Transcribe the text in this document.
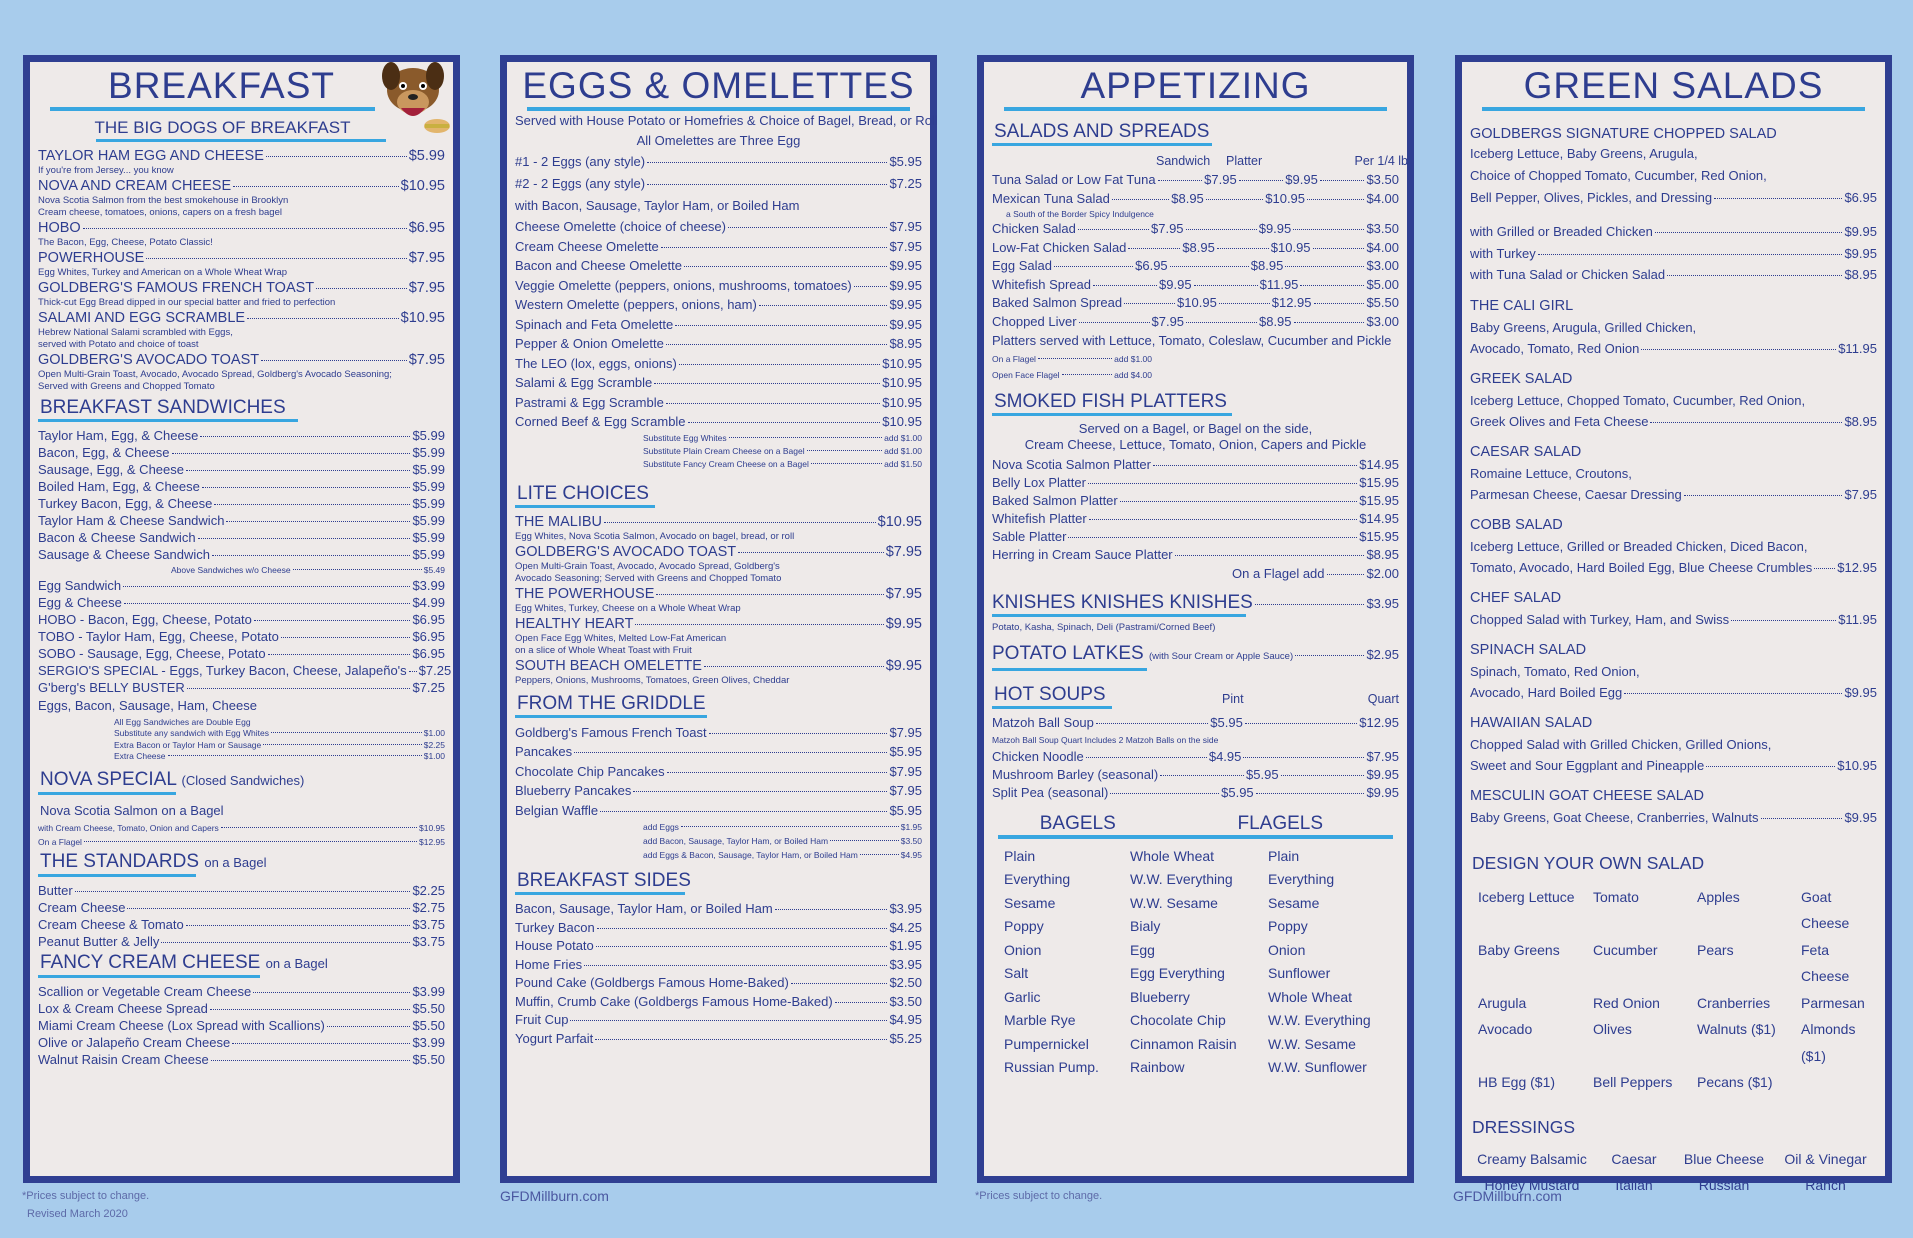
BREAKFAST
THE BIG DOGS OF BREAKFAST
TAYLOR HAM EGG AND CHEESE	$5.99
If you're from Jersey... you know
NOVA AND CREAM CHEESE	$10.95
Nova Scotia Salmon from the best smokehouse in Brooklyn
Cream cheese, tomatoes, onions, capers on a fresh bagel
HOBO	$6.95
The Bacon, Egg, Cheese, Potato Classic!
POWERHOUSE	$7.95
Egg Whites, Turkey and American on a Whole Wheat Wrap
GOLDBERG'S FAMOUS FRENCH TOAST	$7.95
Thick-cut Egg Bread dipped in our special batter and fried to perfection
SALAMI AND EGG SCRAMBLE	$10.95
Hebrew National Salami scrambled with Eggs,
served with Potato and choice of toast
GOLDBERG'S AVOCADO TOAST	$7.95
Open Multi-Grain Toast, Avocado, Avocado Spread, Goldberg's Avocado Seasoning;
Served with Greens and Chopped Tomato
BREAKFAST SANDWICHES
Taylor Ham, Egg, & Cheese	$5.99
Bacon, Egg, & Cheese	$5.99
Sausage, Egg, & Cheese	$5.99
Boiled Ham, Egg, & Cheese	$5.99
Turkey Bacon, Egg, & Cheese	$5.99
Taylor Ham & Cheese Sandwich	$5.99
Bacon & Cheese Sandwich	$5.99
Sausage & Cheese Sandwich	$5.99
Above Sandwiches w/o Cheese	$5.49
Egg Sandwich	$3.99
Egg & Cheese	$4.99
HOBO - Bacon, Egg, Cheese, Potato	$6.95
TOBO - Taylor Ham, Egg, Cheese, Potato	$6.95
SOBO - Sausage, Egg, Cheese, Potato	$6.95
SERGIO'S SPECIAL - Eggs, Turkey Bacon, Cheese, Jalapeño's $7.25
G'berg's BELLY BUSTER	$7.25
Eggs, Bacon, Sausage, Ham, Cheese
All Egg Sandwiches are Double Egg
Substitute any sandwich with Egg Whites	$1.00
Extra Bacon or Taylor Ham or Sausage	$2.25
Extra Cheese	$1.00
NOVA SPECIAL (Closed Sandwiches)
Nova Scotia Salmon on a Bagel
with Cream Cheese, Tomato, Onion and Capers	$10.95
On a Flagel	$12.95
THE STANDARDS on a Bagel
Butter	$2.25
Cream Cheese	$2.75
Cream Cheese & Tomato	$3.75
Peanut Butter & Jelly	$3.75
FANCY CREAM CHEESE on a Bagel
Scallion or Vegetable Cream Cheese	$3.99
Lox & Cream Cheese Spread	$5.50
Miami Cream Cheese (Lox Spread with Scallions)	$5.50
Olive or Jalapeño Cream Cheese	$3.99
Walnut Raisin Cream Cheese	$5.50
EGGS & OMELETTES
Served with House Potato or Homefries & Choice of Bagel, Bread, or Roll
All Omelettes are Three Egg
#1 - 2 Eggs (any style)	$5.95
#2 - 2 Eggs (any style)	$7.25
with Bacon, Sausage, Taylor Ham, or Boiled Ham
Cheese Omelette (choice of cheese)	$7.95
Cream Cheese Omelette	$7.95
Bacon and Cheese Omelette	$9.95
Veggie Omelette (peppers, onions, mushrooms, tomatoes)	$9.95
Western Omelette (peppers, onions, ham)	$9.95
Spinach and Feta Omelette	$9.95
Pepper & Onion Omelette	$8.95
The LEO (lox, eggs, onions)	$10.95
Salami & Egg Scramble	$10.95
Pastrami & Egg Scramble	$10.95
Corned Beef & Egg Scramble	$10.95
Substitute Egg Whites	add $1.00
Substitute Plain Cream Cheese on a Bagel	add $1.00
Substitute Fancy Cream Cheese on a Bagel	add $1.50
LITE CHOICES
THE MALIBU	$10.95
Egg Whites, Nova Scotia Salmon, Avocado on bagel, bread, or roll
GOLDBERG'S AVOCADO TOAST	$7.95
Open Multi-Grain Toast, Avocado, Avocado Spread, Goldberg's
Avocado Seasoning; Served with Greens and Chopped Tomato
THE POWERHOUSE	$7.95
Egg Whites, Turkey, Cheese on a Whole Wheat Wrap
HEALTHY HEART	$9.95
Open Face Egg Whites, Melted Low-Fat American
on a slice of Whole Wheat Toast with Fruit
SOUTH BEACH OMELETTE	$9.95
Peppers, Onions, Mushrooms, Tomatoes, Green Olives, Cheddar
FROM THE GRIDDLE
Goldberg's Famous French Toast	$7.95
Pancakes	$5.95
Chocolate Chip Pancakes	$7.95
Blueberry Pancakes	$7.95
Belgian Waffle	$5.95
add Eggs	$1.95
add Bacon, Sausage, Taylor Ham, or Boiled Ham	$3.50
add Eggs & Bacon, Sausage, Taylor Ham, or Boiled Ham	$4.95
BREAKFAST SIDES
Bacon, Sausage, Taylor Ham, or Boiled Ham	$3.95
Turkey Bacon	$4.25
House Potato	$1.95
Home Fries	$3.95
Pound Cake (Goldbergs Famous Home-Baked)	$2.50
Muffin, Crumb Cake (Goldbergs Famous Home-Baked)	$3.50
Fruit Cup	$4.95
Yogurt Parfait	$5.25
APPETIZING
SALADS AND SPREADS
Sandwich	Platter	Per 1/4 lb
Tuna Salad or Low Fat Tuna	$7.95	$9.95	$3.50
Mexican Tuna Salad	$8.95	$10.95	$4.00
a South of the Border Spicy Indulgence
Chicken Salad	$7.95	$9.95	$3.50
Low-Fat Chicken Salad	$8.95	$10.95	$4.00
Egg Salad	$6.95	$8.95	$3.00
Whitefish Spread	$9.95	$11.95	$5.00
Baked Salmon Spread	$10.95	$12.95	$5.50
Chopped Liver	$7.95	$8.95	$3.00
Platters served with Lettuce, Tomato, Coleslaw, Cucumber and Pickle
On a Flagel	add $1.00
Open Face Flagel	add $4.00
SMOKED FISH PLATTERS
Served on a Bagel, or Bagel on the side,
Cream Cheese, Lettuce, Tomato, Onion, Capers and Pickle
Nova Scotia Salmon Platter	$14.95
Belly Lox Platter	$15.95
Baked Salmon Platter	$15.95
Whitefish Platter	$14.95
Sable Platter	$15.95
Herring in Cream Sauce Platter	$8.95
On a Flagel add	$2.00
KNISHES KNISHES KNISHES	$3.95
Potato, Kasha, Spinach, Deli (Pastrami/Corned Beef)
POTATO LATKES
(with Sour Cream or Apple Sauce)	$2.95
HOT SOUPS	Pint	Quart
Matzoh Ball Soup	$5.95	$12.95
Matzoh Ball Soup Quart Includes 2 Matzoh Balls on the side
Chicken Noodle	$4.95	$7.95
Mushroom Barley (seasonal)	$5.95	$9.95
Split Pea (seasonal)	$5.95	$9.95
BAGELS	FLAGELS
Plain	Whole Wheat	Plain
Everything	W.W. Everything	Everything
Sesame	W.W. Sesame	Sesame
Poppy	Bialy	Poppy
Onion	Egg	Onion
Salt	Egg Everything	Sunflower
Garlic	Blueberry	Whole Wheat
Marble Rye	Chocolate Chip	W.W. Everything
Pumpernickel	Cinnamon Raisin	W.W. Sesame
Russian Pump.	Rainbow	W.W. Sunflower
GREEN SALADS
GOLDBERGS SIGNATURE CHOPPED SALAD
Iceberg Lettuce, Baby Greens, Arugula,
Choice of Chopped Tomato, Cucumber, Red Onion,
Bell Pepper, Olives, Pickles, and Dressing	$6.95
with Grilled or Breaded Chicken	$9.95
with Turkey	$9.95
with Tuna Salad or Chicken Salad	$8.95
THE CALI GIRL
Baby Greens, Arugula, Grilled Chicken,
Avocado, Tomato, Red Onion	$11.95
GREEK SALAD
Iceberg Lettuce, Chopped Tomato, Cucumber, Red Onion,
Greek Olives and Feta Cheese	$8.95
CAESAR SALAD
Romaine Lettuce, Croutons,
Parmesan Cheese, Caesar Dressing	$7.95
COBB SALAD
Iceberg Lettuce, Grilled or Breaded Chicken, Diced Bacon,
Tomato, Avocado, Hard Boiled Egg, Blue Cheese Crumbles $12.95
CHEF SALAD
Chopped Salad with Turkey, Ham, and Swiss	$11.95
SPINACH SALAD
Spinach, Tomato, Red Onion,
Avocado, Hard Boiled Egg	$9.95
HAWAIIAN SALAD
Chopped Salad with Grilled Chicken, Grilled Onions,
Sweet and Sour Eggplant and Pineapple	$10.95
MESCULIN GOAT CHEESE SALAD
Baby Greens, Goat Cheese, Cranberries, Walnuts	$9.95
DESIGN YOUR OWN SALAD
Iceberg Lettuce	Tomato	Apples	Goat Cheese
Baby Greens	Cucumber	Pears	Feta Cheese
Arugula	Red Onion	Cranberries	Parmesan
Avocado	Olives	Walnuts ($1)	Almonds ($1)
HB Egg ($1)	Bell Peppers	Pecans ($1)
DRESSINGS
Creamy Balsamic	Caesar	Blue Cheese	Oil & Vinegar
Honey Mustard	Italian	Russian	Ranch
*Prices subject to change.
Revised March 2020
GFDMillburn.com	*Prices subject to change.	GFDMillburn.com
